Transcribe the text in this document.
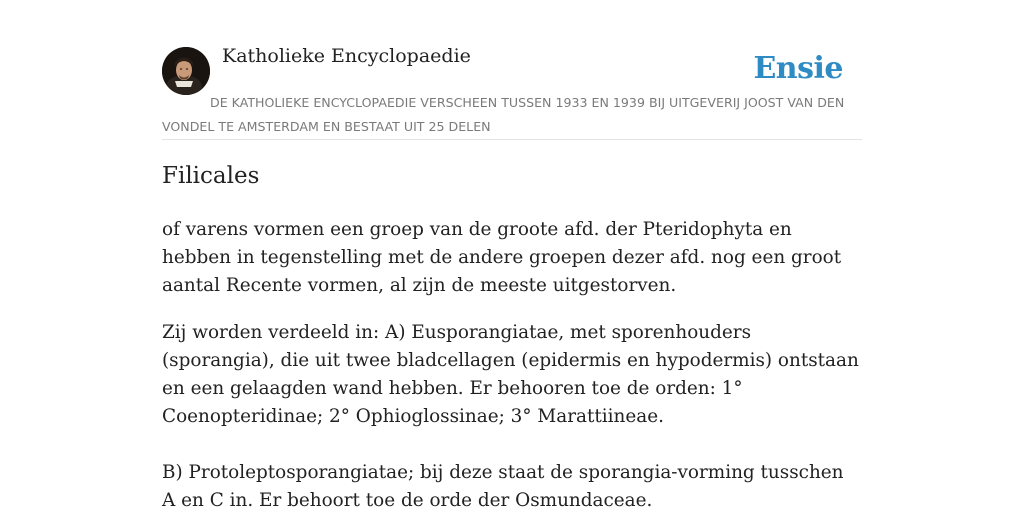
Katholieke Encyclopaedie	Ensie
DE KATHOLIEKE ENCYCLOPAEDIE VERSCHEEN TUSSEN 1933 EN 1939 BIJ UITGEVERIJ JOOST VAN DEN VONDEL TE AMSTERDAM EN BESTAAT UIT 25 DELEN
Filicales

of varens vormen een groep van de groote afd. der Pteridophyta en hebben in tegenstelling met de andere groepen dezer afd. nog een groot aantal Recente vormen, al zijn de meeste uitgestorven.

Zij worden verdeeld in: A) Eusporangiatae, met sporenhouders (sporangia), die uit twee bladcellagen (epidermis en hypodermis) ontstaan en een gelaagden wand hebben. Er behooren toe de orden: 1° Coenopteridinae; 2° Ophioglossinae; 3° Marattiineae.

B) Protoleptosporangiatae; bij deze staat de sporangia-vorming tusschen A en C in. Er behoort toe de orde der Osmundaceae.
